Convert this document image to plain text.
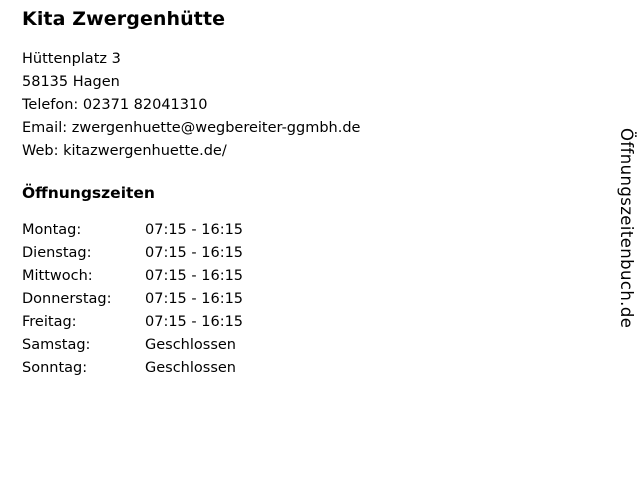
Kita Zwergenhütte
Hüttenplatz 3
58135 Hagen
Telefon: 02371 82041310
Email: zwergenhuette@wegbereiter-ggmbh.de
Web: kitazwergenhuette.de/
Öffnungszeiten
Montag:	07:15 - 16:15
Dienstag:	07:15 - 16:15
Mittwoch:	07:15 - 16:15
Donnerstag:	07:15 - 16:15
Freitag:	07:15 - 16:15
Samstag:	Geschlossen
Sonntag:	Geschlossen
Öffnungszeitenbuch.de
